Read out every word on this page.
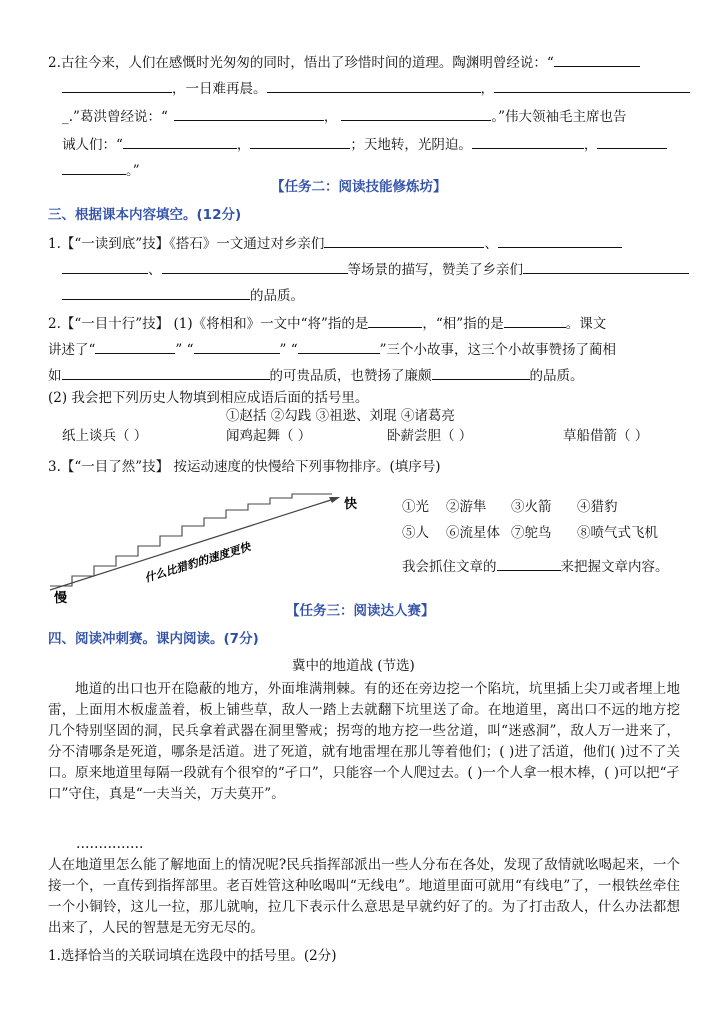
2.古往今来，人们在感慨时光匆匆的同时，悟出了珍惜时间的道理。陶渊明曾经说：“
，一日难再晨。	，
_.”葛洪曾经说：“	，	。”伟大领袖毛主席也告
诫人们：“	，	；天地转，光阴迫。	，
。”
【任务二：阅读技能修炼坊】
三、根据课本内容填空。(12分)
1.【“一读到底”技】《搭石》一文通过对乡亲们	、
、	等场景的描写，赞美了乡亲们
的品质。
2.【“一目十行”技】 (1)《将相和》一文中“将”指的是	，“相”指的是	。课文
讲述了“	” “	” “	”三个小故事，这三个小故事赞扬了蔺相
如	的可贵品质，也赞扬了廉颇	的品质。
(2) 我会把下列历史人物填到相应成语后面的括号里。
①赵括 ②勾践 ③祖逖、刘琨 ④诸葛亮
纸上谈兵（ ）	闻鸡起舞（ ）	卧薪尝胆（ ）	草船借箭（ ）
3.【“一目了然”技】 按运动速度的快慢给下列事物排序。(填序号)
快
慢
什么比猎豹的速度更快
①光 ②游隼 ③火箭 ④猎豹
⑤人 ⑥流星体 ⑦鸵鸟 ⑧喷气式飞机
我会抓住文章的	来把握文章内容。
【任务三：阅读达人赛】
四、阅读冲刺赛。课内阅读。(7分)
冀中的地道战 (节选)
地道的出口也开在隐蔽的地方，外面堆满荆棘。有的还在旁边挖一个陷坑，坑里插上尖刀或者埋上地雷，上面用木板虚盖着，板上铺些草，敌人一踏上去就翻下坑里送了命。在地道里，离出口不远的地方挖几个特别坚固的洞，民兵拿着武器在洞里警戒；拐弯的地方挖一些岔道，叫“迷惑洞”，敌人万一进来了，分不清哪条是死道，哪条是活道。进了死道，就有地雷埋在那儿等着他们；( )进了活道，他们( )过不了关口。原来地道里每隔一段就有个很窄的“孑口”，只能容一个人爬过去。( )一个人拿一根木棒，( )可以把“孑口”守住，真是“一夫当关，万夫莫开”。
……………
人在地道里怎么能了解地面上的情况呢?民兵指挥部派出一些人分布在各处，发现了敌情就吆喝起来，一个接一个，一直传到指挥部里。老百姓管这种吆喝叫“无线电”。地道里面可就用“有线电”了，一根铁丝牵住一个小铜铃，这儿一拉，那儿就响，拉几下表示什么意思是早就约好了的。为了打击敌人，什么办法都想出来了，人民的智慧是无穷无尽的。
1.选择恰当的关联词填在选段中的括号里。(2分)
